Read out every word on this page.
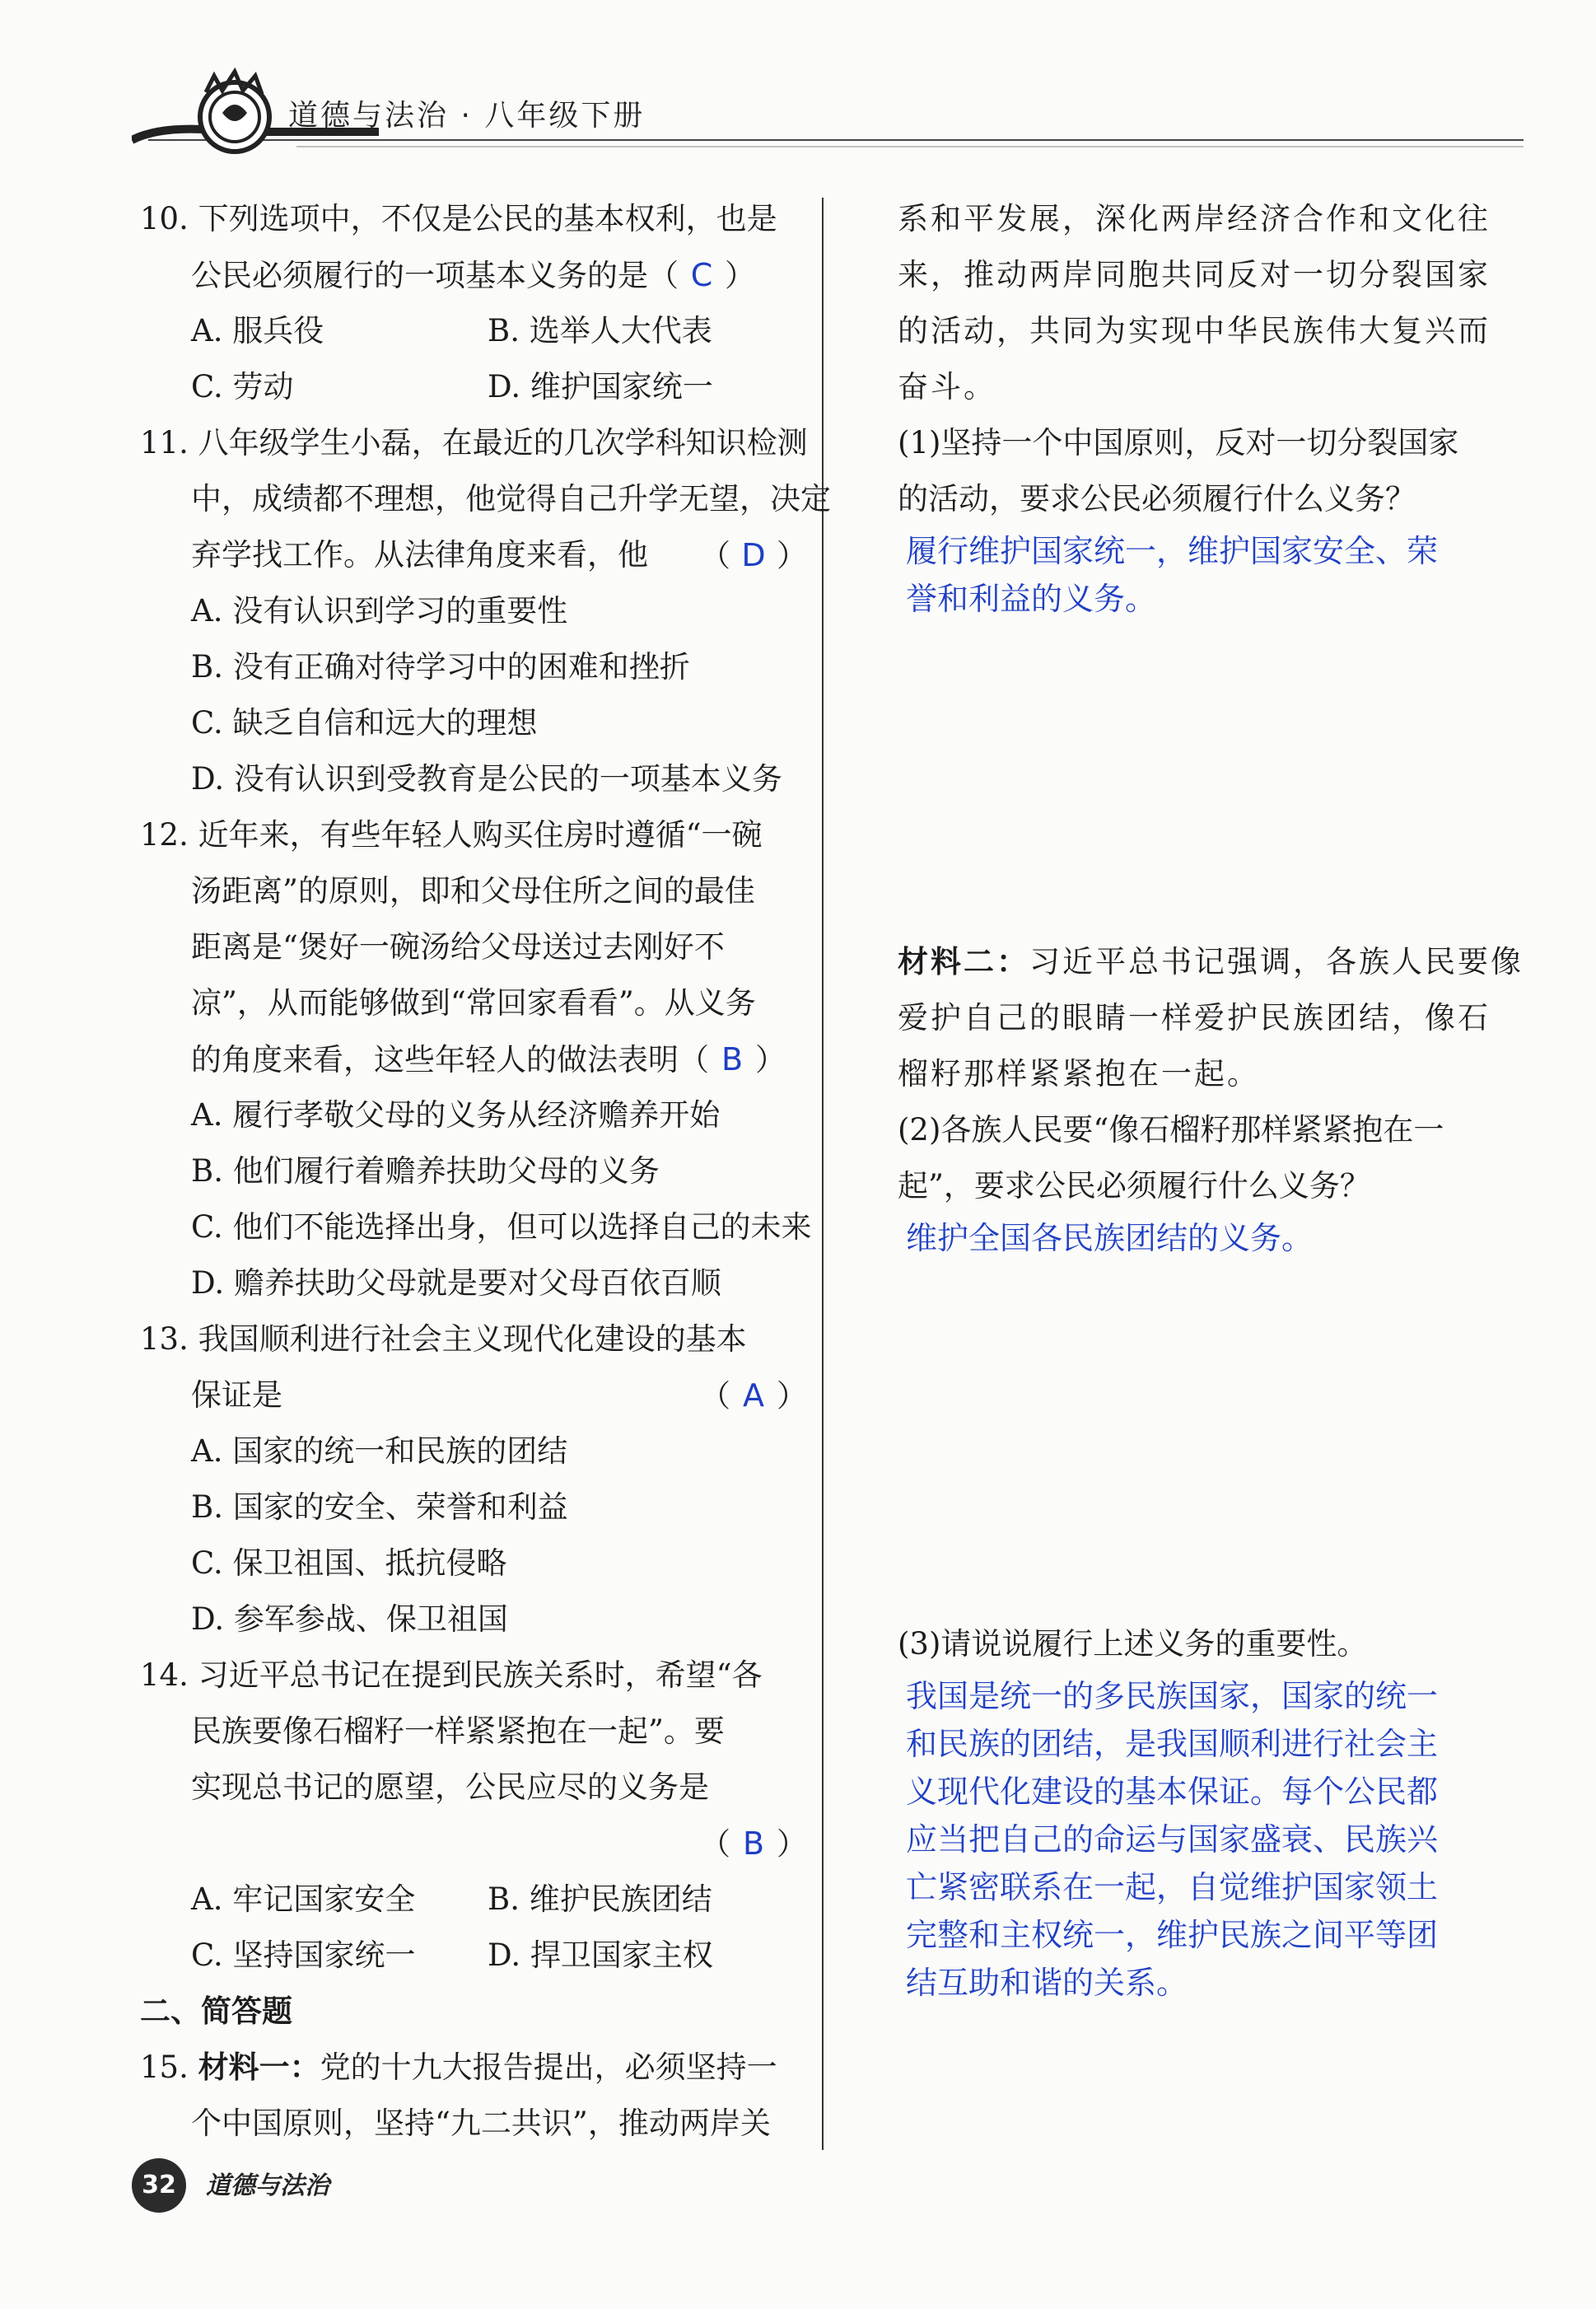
道德与法治 · 八年级下册
10. 下列选项中，不仅是公民的基本权利，也是
公民必须履行的一项基本义务的是（ C ）
A. 服兵役	B. 选举人大代表
C. 劳动	D. 维护国家统一
11. 八年级学生小磊，在最近的几次学科知识检测
中，成绩都不理想，他觉得自己升学无望，决定
弃学找工作。从法律角度来看，他 （ D ）
A. 没有认识到学习的重要性
B. 没有正确对待学习中的困难和挫折
C. 缺乏自信和远大的理想
D. 没有认识到受教育是公民的一项基本义务
12. 近年来，有些年轻人购买住房时遵循“一碗
汤距离”的原则，即和父母住所之间的最佳
距离是“煲好一碗汤给父母送过去刚好不
凉”，从而能够做到“常回家看看”。从义务
的角度来看，这些年轻人的做法表明（ B ）
A. 履行孝敬父母的义务从经济赡养开始
B. 他们履行着赡养扶助父母的义务
C. 他们不能选择出身，但可以选择自己的未来
D. 赡养扶助父母就是要对父母百依百顺
13. 我国顺利进行社会主义现代化建设的基本
保证是	（ A ）
A. 国家的统一和民族的团结
B. 国家的安全、荣誉和利益
C. 保卫祖国、抵抗侵略
D. 参军参战、保卫祖国
14. 习近平总书记在提到民族关系时，希望“各
民族要像石榴籽一样紧紧抱在一起”。要
实现总书记的愿望，公民应尽的义务是
（ B ）
A. 牢记国家安全	B. 维护民族团结
C. 坚持国家统一	D. 捍卫国家主权
二、简答题
15. 材料一：党的十九大报告提出，必须坚持一
个中国原则，坚持“九二共识”，推动两岸关
系和平发展，深化两岸经济合作和文化往
来，推动两岸同胞共同反对一切分裂国家
的活动，共同为实现中华民族伟大复兴而
奋斗。
(1)坚持一个中国原则，反对一切分裂国家
的活动，要求公民必须履行什么义务？
履行维护国家统一，维护国家安全、荣
誉和利益的义务。
材料二：习近平总书记强调，各族人民要像
爱护自己的眼睛一样爱护民族团结，像石
榴籽那样紧紧抱在一起。
(2)各族人民要“像石榴籽那样紧紧抱在一
起”，要求公民必须履行什么义务？
维护全国各民族团结的义务。
(3)请说说履行上述义务的重要性。
我国是统一的多民族国家，国家的统一
和民族的团结，是我国顺利进行社会主
义现代化建设的基本保证。每个公民都
应当把自己的命运与国家盛衰、民族兴
亡紧密联系在一起，自觉维护国家领土
完整和主权统一，维护民族之间平等团
结互助和谐的关系。
32	道德与法治
